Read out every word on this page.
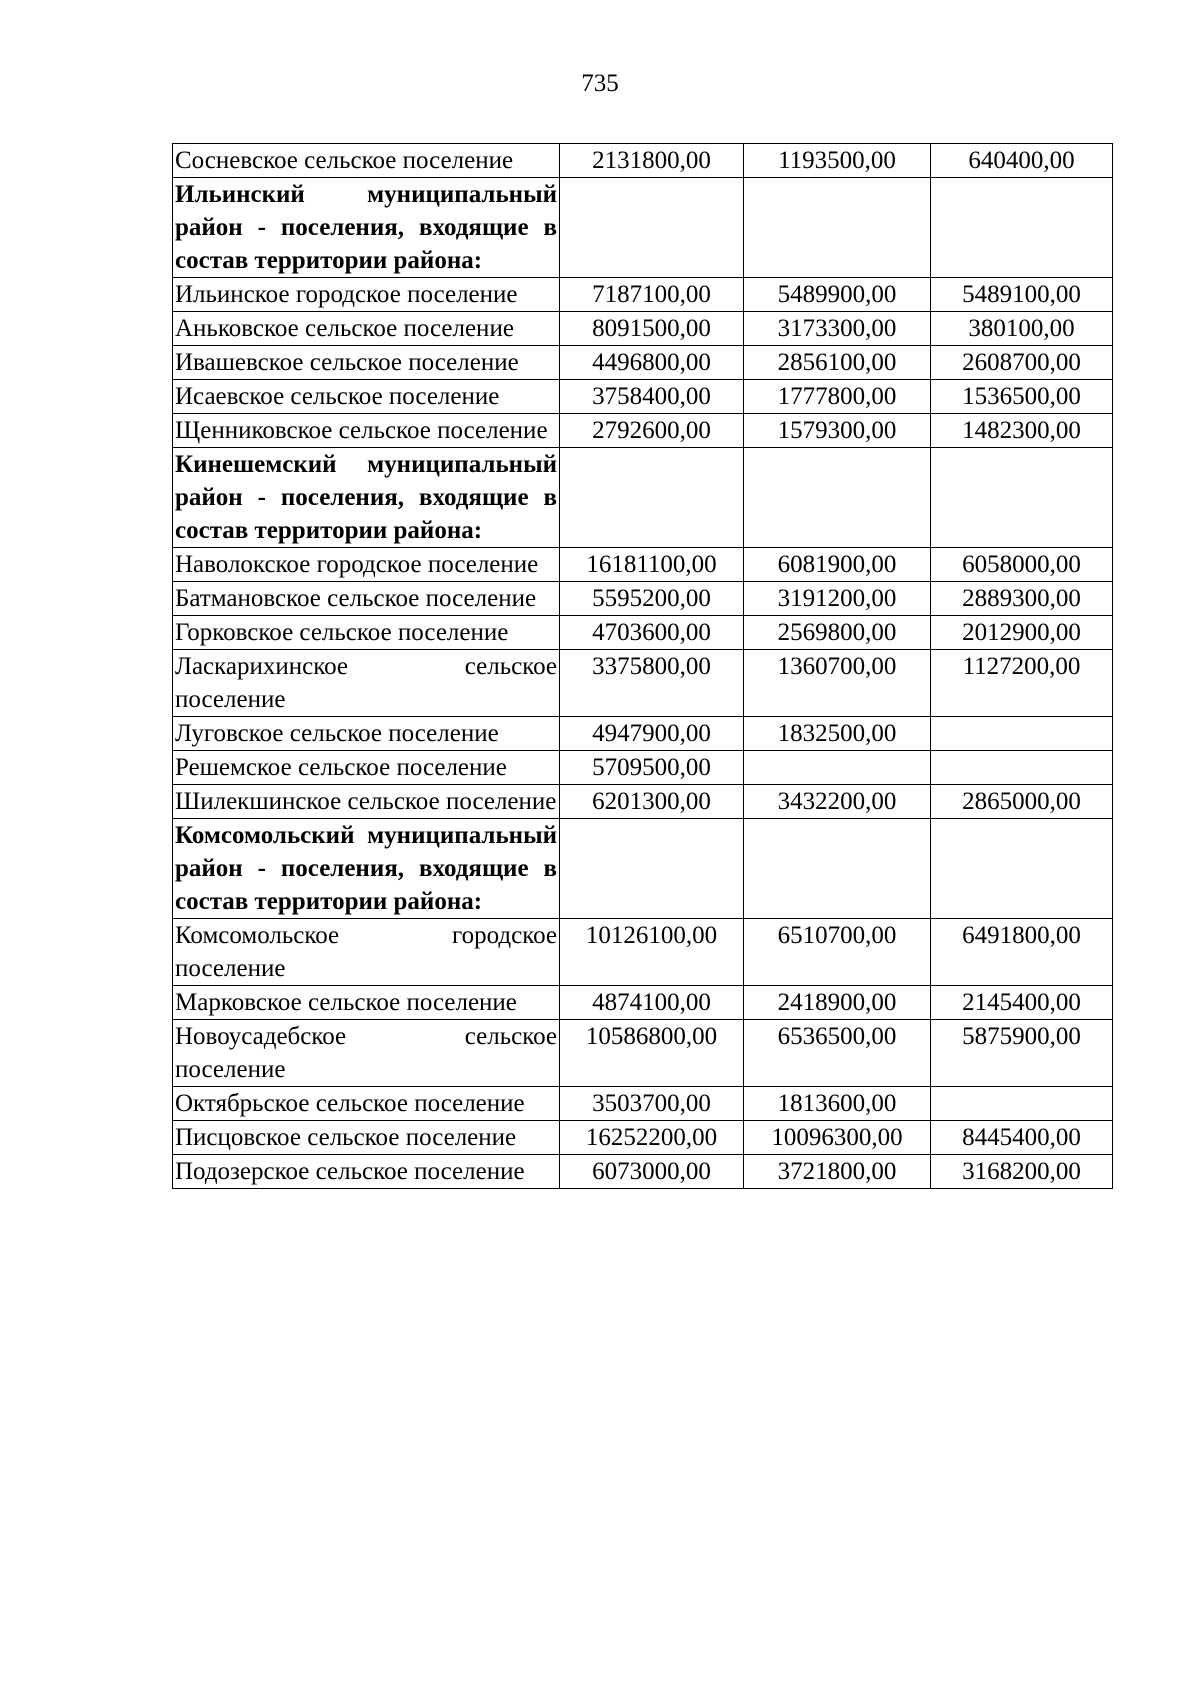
735
Сосневское сельское поселение	2131800,00	1193500,00	640400,00
Ильинский муниципальный район - поселения, входящие в состав территории района:			
Ильинское городское поселение	7187100,00	5489900,00	5489100,00
Аньковское сельское поселение	8091500,00	3173300,00	380100,00
Ивашевское сельское поселение	4496800,00	2856100,00	2608700,00
Исаевское сельское поселение	3758400,00	1777800,00	1536500,00
Щенниковское сельское поселение	2792600,00	1579300,00	1482300,00
Кинешемский муниципальный район - поселения, входящие в состав территории района:			
Наволокское городское поселение	16181100,00	6081900,00	6058000,00
Батмановское сельское поселение	5595200,00	3191200,00	2889300,00
Горковское сельское поселение	4703600,00	2569800,00	2012900,00
Ласкарихинское сельское поселение	3375800,00	1360700,00	1127200,00
Луговское сельское поселение	4947900,00	1832500,00	
Решемское сельское поселение	5709500,00		
Шилекшинское сельское поселение	6201300,00	3432200,00	2865000,00
Комсомольский муниципальный район - поселения, входящие в состав территории района:			
Комсомольское городское поселение	10126100,00	6510700,00	6491800,00
Марковское сельское поселение	4874100,00	2418900,00	2145400,00
Новоусадебское сельское поселение	10586800,00	6536500,00	5875900,00
Октябрьское сельское поселение	3503700,00	1813600,00	
Писцовское сельское поселение	16252200,00	10096300,00	8445400,00
Подозерское сельское поселение	6073000,00	3721800,00	3168200,00
